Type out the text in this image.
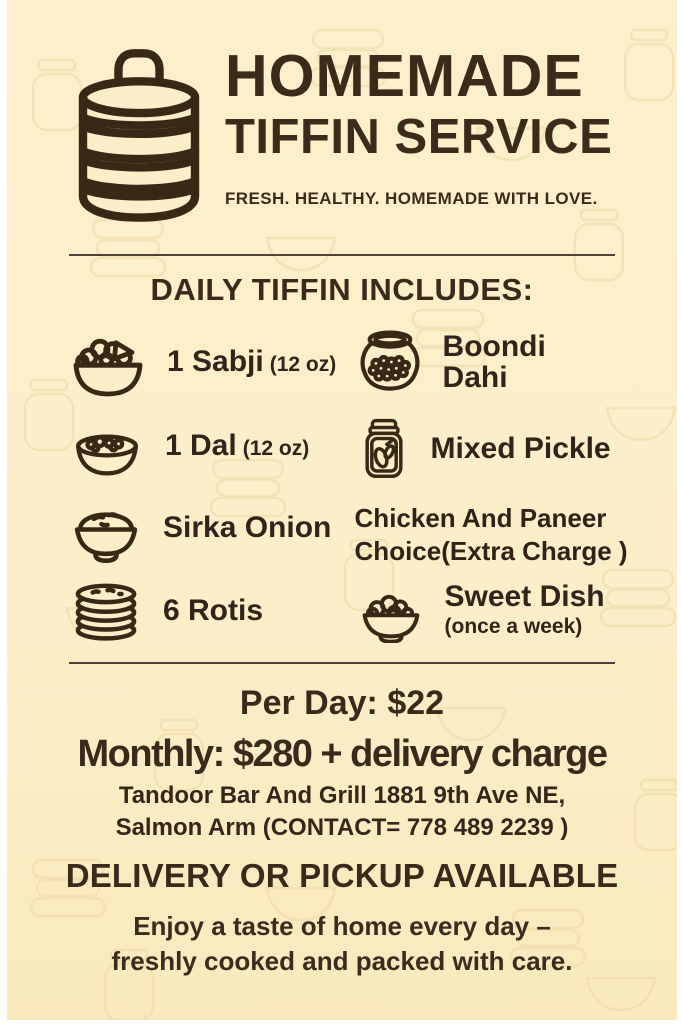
HOMEMADE
TIFFIN SERVICE
FRESH. HEALTHY. HOMEMADE WITH LOVE.
DAILY TIFFIN INCLUDES:
1 Sabji (12 oz)
1 Dal (12 oz)
Sirka Onion
6 Rotis
Boondi Dahi
Mixed Pickle
Chicken And Paneer
Choice(Extra Charge )
Sweet Dish
(once a week)
Per Day: $22
Monthly: $280 + delivery charge
Tandoor Bar And Grill 1881 9th Ave NE,
Salmon Arm (CONTACT= 778 489 2239 )
DELIVERY OR PICKUP AVAILABLE
Enjoy a taste of home every day –
freshly cooked and packed with care.
